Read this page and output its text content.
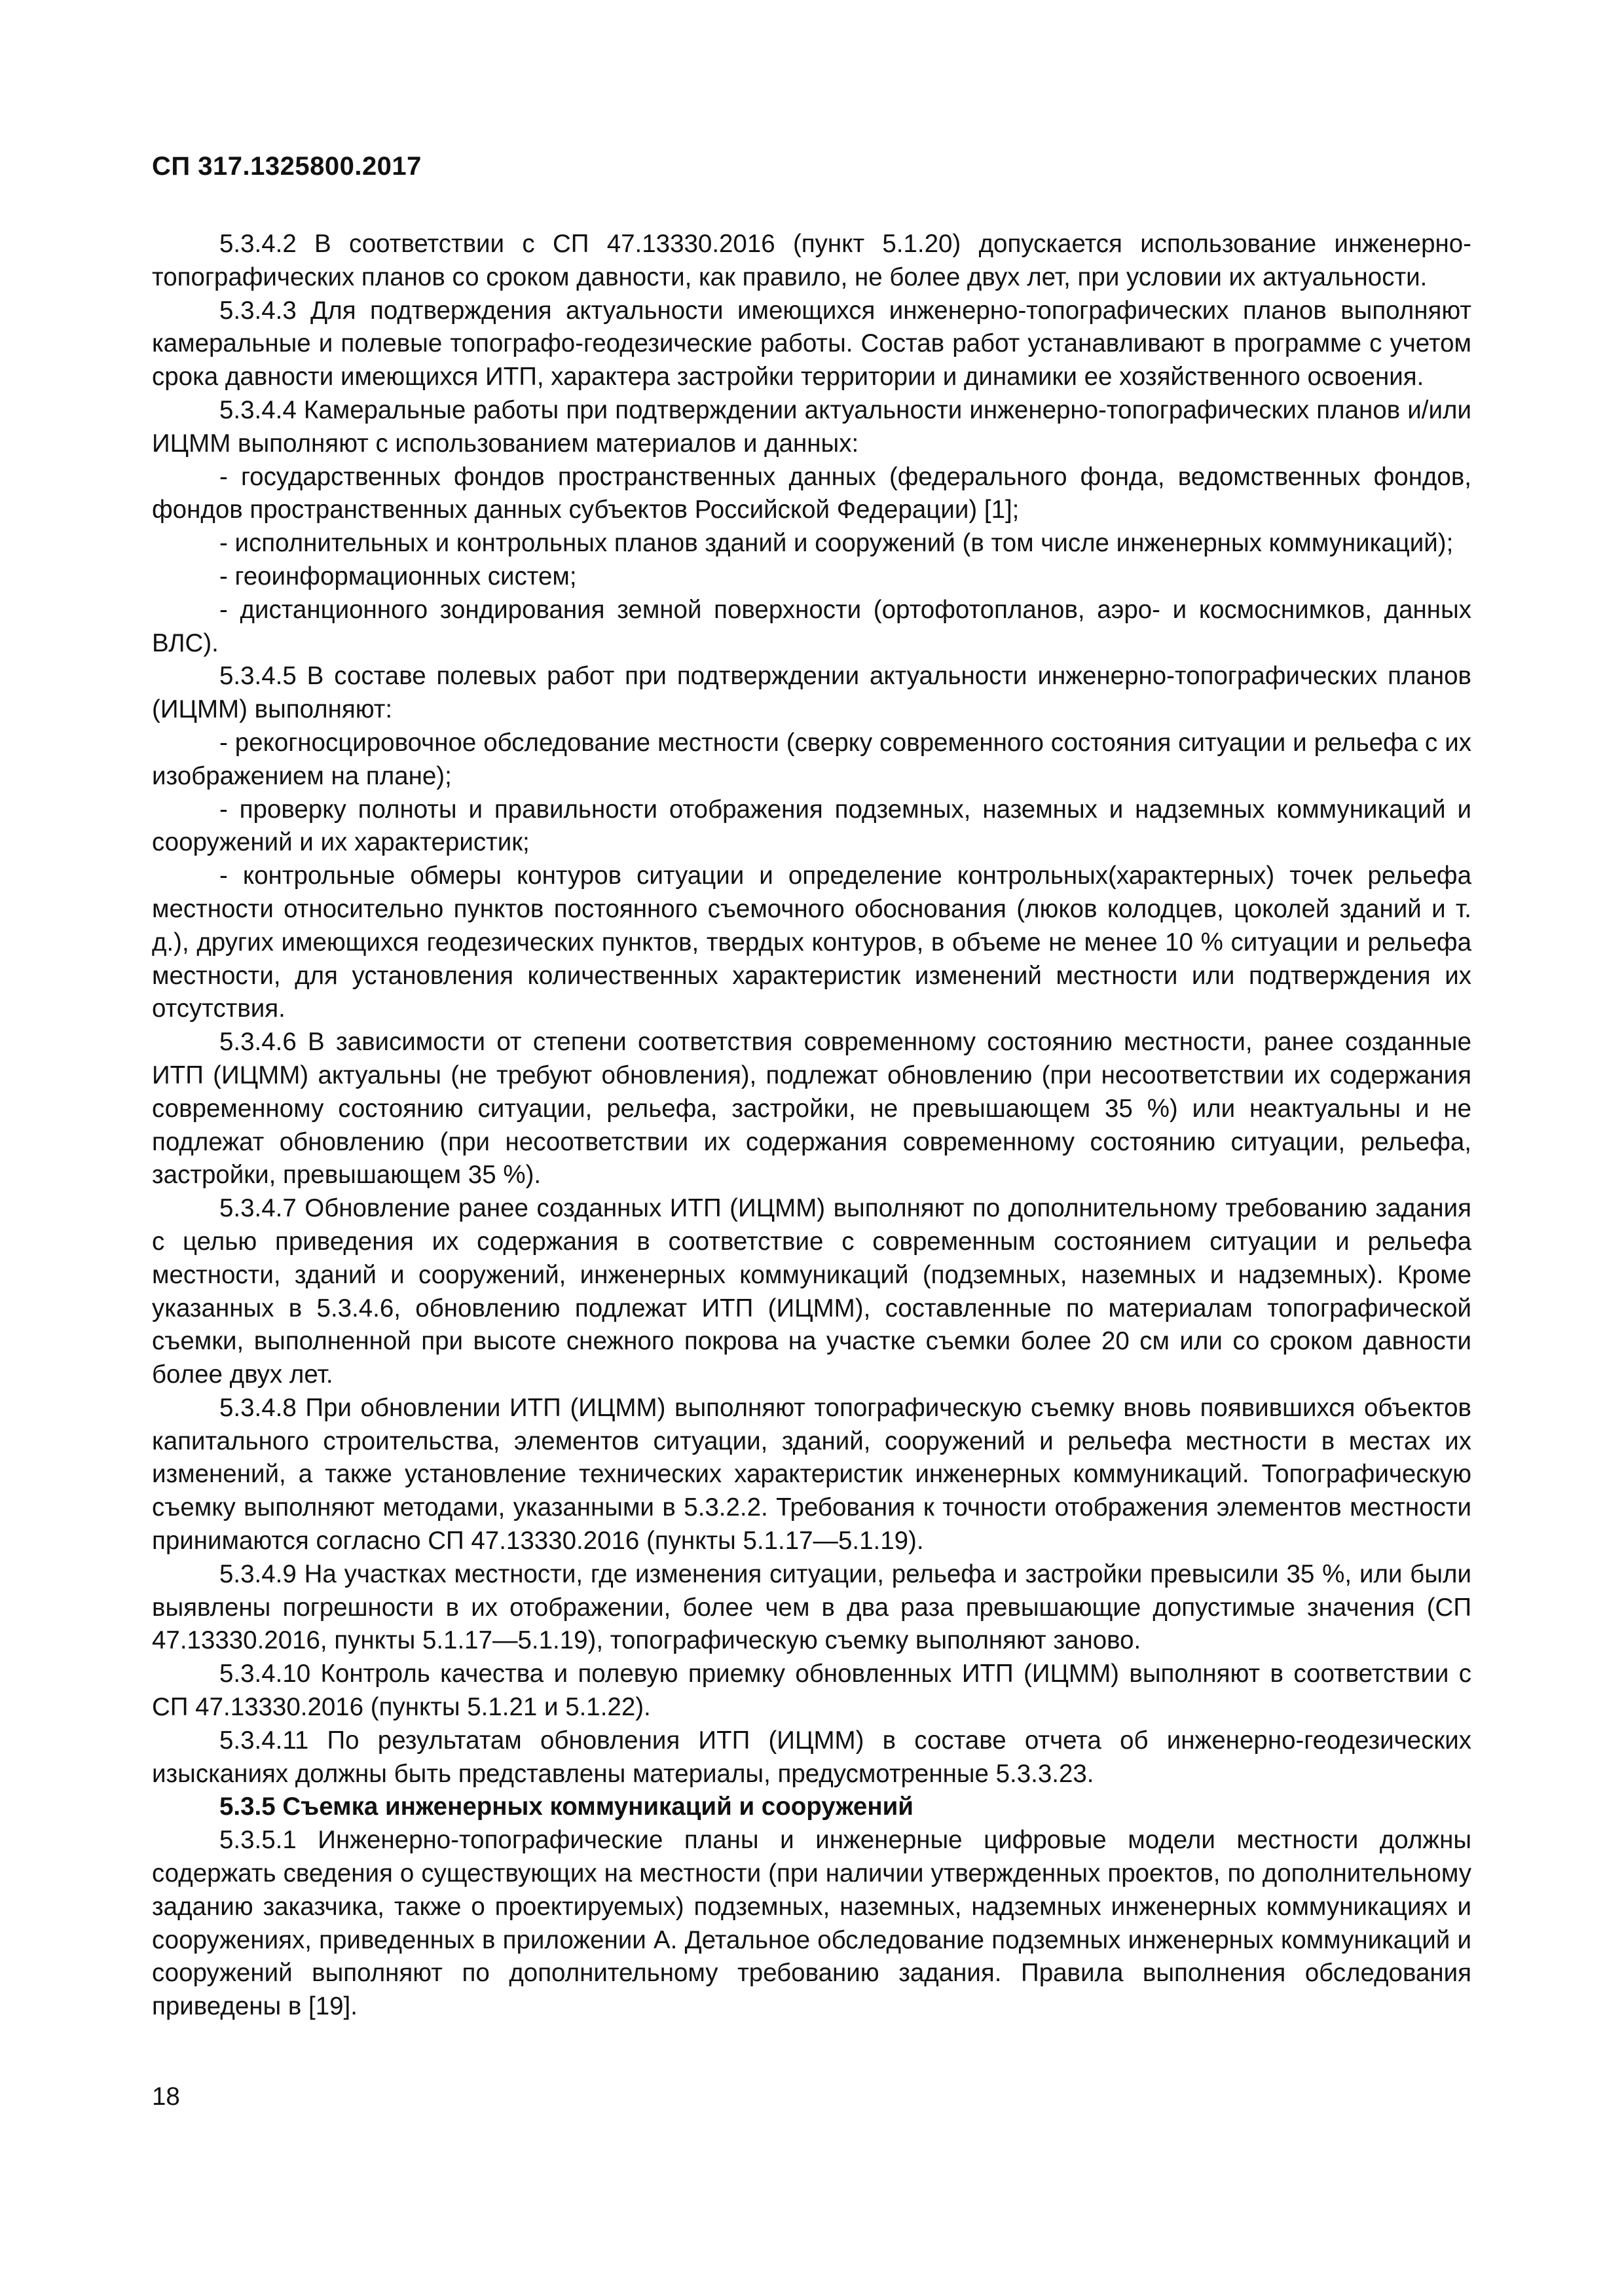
СП 317.1325800.2017

5.3.4.2 В соответствии с СП 47.13330.2016 (пункт 5.1.20) допускается использование инженерно-топографических планов со сроком давности, как правило, не более двух лет, при условии их актуальности.

5.3.4.3 Для подтверждения актуальности имеющихся инженерно-топографических планов выполняют камеральные и полевые топографо-геодезические работы. Состав работ устанавливают в программе с учетом срока давности имеющихся ИТП, характера застройки территории и динамики ее хозяйственного освоения.

5.3.4.4 Камеральные работы при подтверждении актуальности инженерно-топографических планов и/или ИЦММ выполняют с использованием материалов и данных:

- государственных фондов пространственных данных (федерального фонда, ведомственных фондов, фондов пространственных данных субъектов Российской Федерации) [1];

- исполнительных и контрольных планов зданий и сооружений (в том числе инженерных коммуникаций);

- геоинформационных систем;

- дистанционного зондирования земной поверхности (ортофотопланов, аэро- и космоснимков, данных ВЛС).

5.3.4.5 В составе полевых работ при подтверждении актуальности инженерно-топографических планов (ИЦММ) выполняют:

- рекогносцировочное обследование местности (сверку современного состояния ситуации и рельефа с их изображением на плане);

- проверку полноты и правильности отображения подземных, наземных и надземных коммуникаций и сооружений и их характеристик;

- контрольные обмеры контуров ситуации и определение контрольных(характерных) точек рельефа местности относительно пунктов постоянного съемочного обоснования (люков колодцев, цоколей зданий и т. д.), других имеющихся геодезических пунктов, твердых контуров, в объеме не менее 10 % ситуации и рельефа местности, для установления количественных характеристик изменений местности или подтверждения их отсутствия.

5.3.4.6 В зависимости от степени соответствия современному состоянию местности, ранее созданные ИТП (ИЦММ) актуальны (не требуют обновления), подлежат обновлению (при несоответствии их содержания современному состоянию ситуации, рельефа, застройки, не превышающем 35 %) или неактуальны и не подлежат обновлению (при несоответствии их содержания современному состоянию ситуации, рельефа, застройки, превышающем 35 %).

5.3.4.7 Обновление ранее созданных ИТП (ИЦММ) выполняют по дополнительному требованию задания с целью приведения их содержания в соответствие с современным состоянием ситуации и рельефа местности, зданий и сооружений, инженерных коммуникаций (подземных, наземных и надземных). Кроме указанных в 5.3.4.6, обновлению подлежат ИТП (ИЦММ), составленные по материалам топографической съемки, выполненной при высоте снежного покрова на участке съемки более 20 см или со сроком давности более двух лет.

5.3.4.8 При обновлении ИТП (ИЦММ) выполняют топографическую съемку вновь появившихся объектов капитального строительства, элементов ситуации, зданий, сооружений и рельефа местности в местах их изменений, а также установление технических характеристик инженерных коммуникаций. Топографическую съемку выполняют методами, указанными в 5.3.2.2. Требования к точности отображения элементов местности принимаются согласно СП 47.13330.2016 (пункты 5.1.17—5.1.19).

5.3.4.9 На участках местности, где изменения ситуации, рельефа и застройки превысили 35 %, или были выявлены погрешности в их отображении, более чем в два раза превышающие допустимые значения (СП 47.13330.2016, пункты 5.1.17—5.1.19), топографическую съемку выполняют заново.

5.3.4.10 Контроль качества и полевую приемку обновленных ИТП (ИЦММ) выполняют в соответствии с СП 47.13330.2016 (пункты 5.1.21 и 5.1.22).

5.3.4.11 По результатам обновления ИТП (ИЦММ) в составе отчета об инженерно-геодезических изысканиях должны быть представлены материалы, предусмотренные 5.3.3.23.

5.3.5 Съемка инженерных коммуникаций и сооружений

5.3.5.1 Инженерно-топографические планы и инженерные цифровые модели местности должны содержать сведения о существующих на местности (при наличии утвержденных проектов, по дополнительному заданию заказчика, также о проектируемых) подземных, наземных, надземных инженерных коммуникациях и сооружениях, приведенных в приложении А. Детальное обследование подземных инженерных коммуникаций и сооружений выполняют по дополнительному требованию задания. Правила выполнения обследования приведены в [19].

18
